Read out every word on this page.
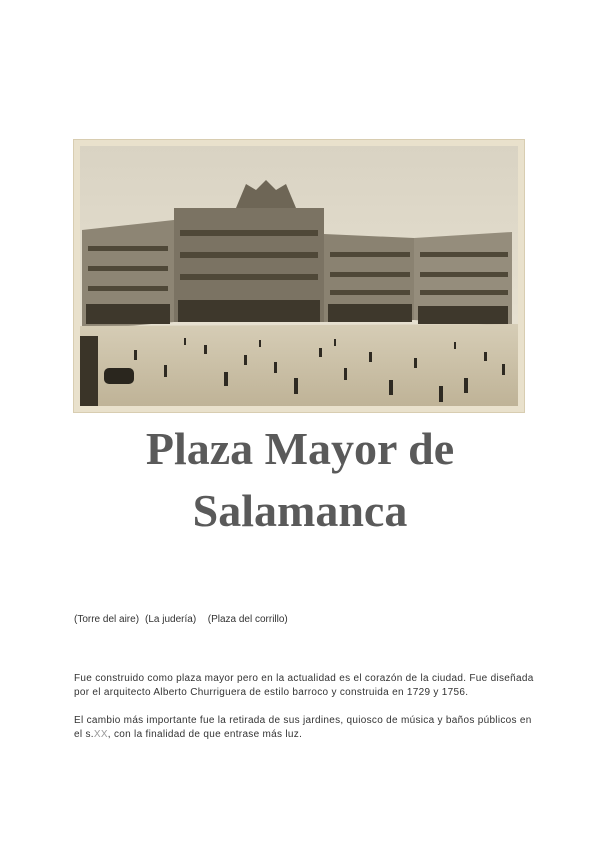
Plaza Mayor de
Salamanca
(Torre del aire) (La judería) (Plaza del corrillo)

Fue construido como plaza mayor pero en la actualidad es el corazón de la ciudad. Fue diseñada por el arquitecto Alberto Churriguera de estilo barroco y construida en 1729 y 1756.

El cambio más importante fue la retirada de sus jardines, quiosco de música y baños públicos en el s.XX, con la finalidad de que entrase más luz.
